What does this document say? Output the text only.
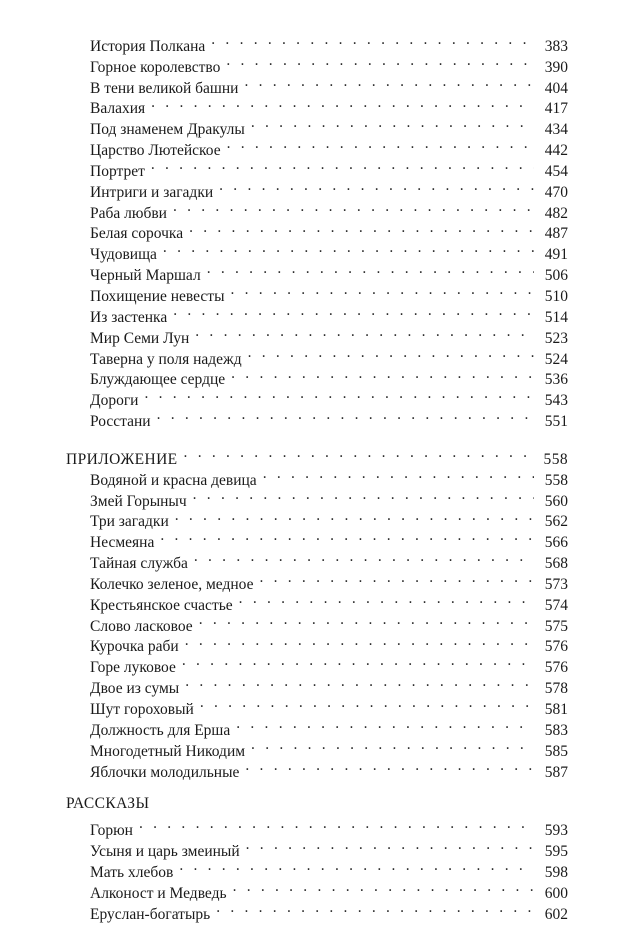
История Полкана . . .	383
Горное королевство . . .	390
В тени великой башни . . .	404
Валахия . . .	417
Под знаменем Дракулы . . .	434
Царство Лютейское . . .	442
Портрет . . .	454
Интриги и загадки . . .	470
Раба любви . . .	482
Белая сорочка . . .	487
Чудовища . . .	491
Черный Маршал . . .	506
Похищение невесты . . .	510
Из застенка . . .	514
Мир Семи Лун . . .	523
Таверна у поля надежд . . .	524
Блуждающее сердце . . .	536
Дороги . . .	543
Росстани . . .	551
ПРИЛОЖЕНИЕ . . .	558
Водяной и красна девица . . .	558
Змей Горыныч . . .	560
Три загадки . . .	562
Несмеяна . . .	566
Тайная служба . . .	568
Колечко зеленое, медное . . .	573
Крестьянское счастье . . .	574
Слово ласковое . . .	575
Курочка раби . . .	576
Горе луковое . . .	576
Двое из сумы . . .	578
Шут гороховый . . .	581
Должность для Ерша . . .	583
Многодетный Никодим . . .	585
Яблочки молодильные . . .	587
РАССКАЗЫ
Горюн . . .	593
Усыня и царь змеиный . . .	595
Мать хлебов . . .	598
Алконост и Медведь . . .	600
Еруслан-богатырь . . .	602
